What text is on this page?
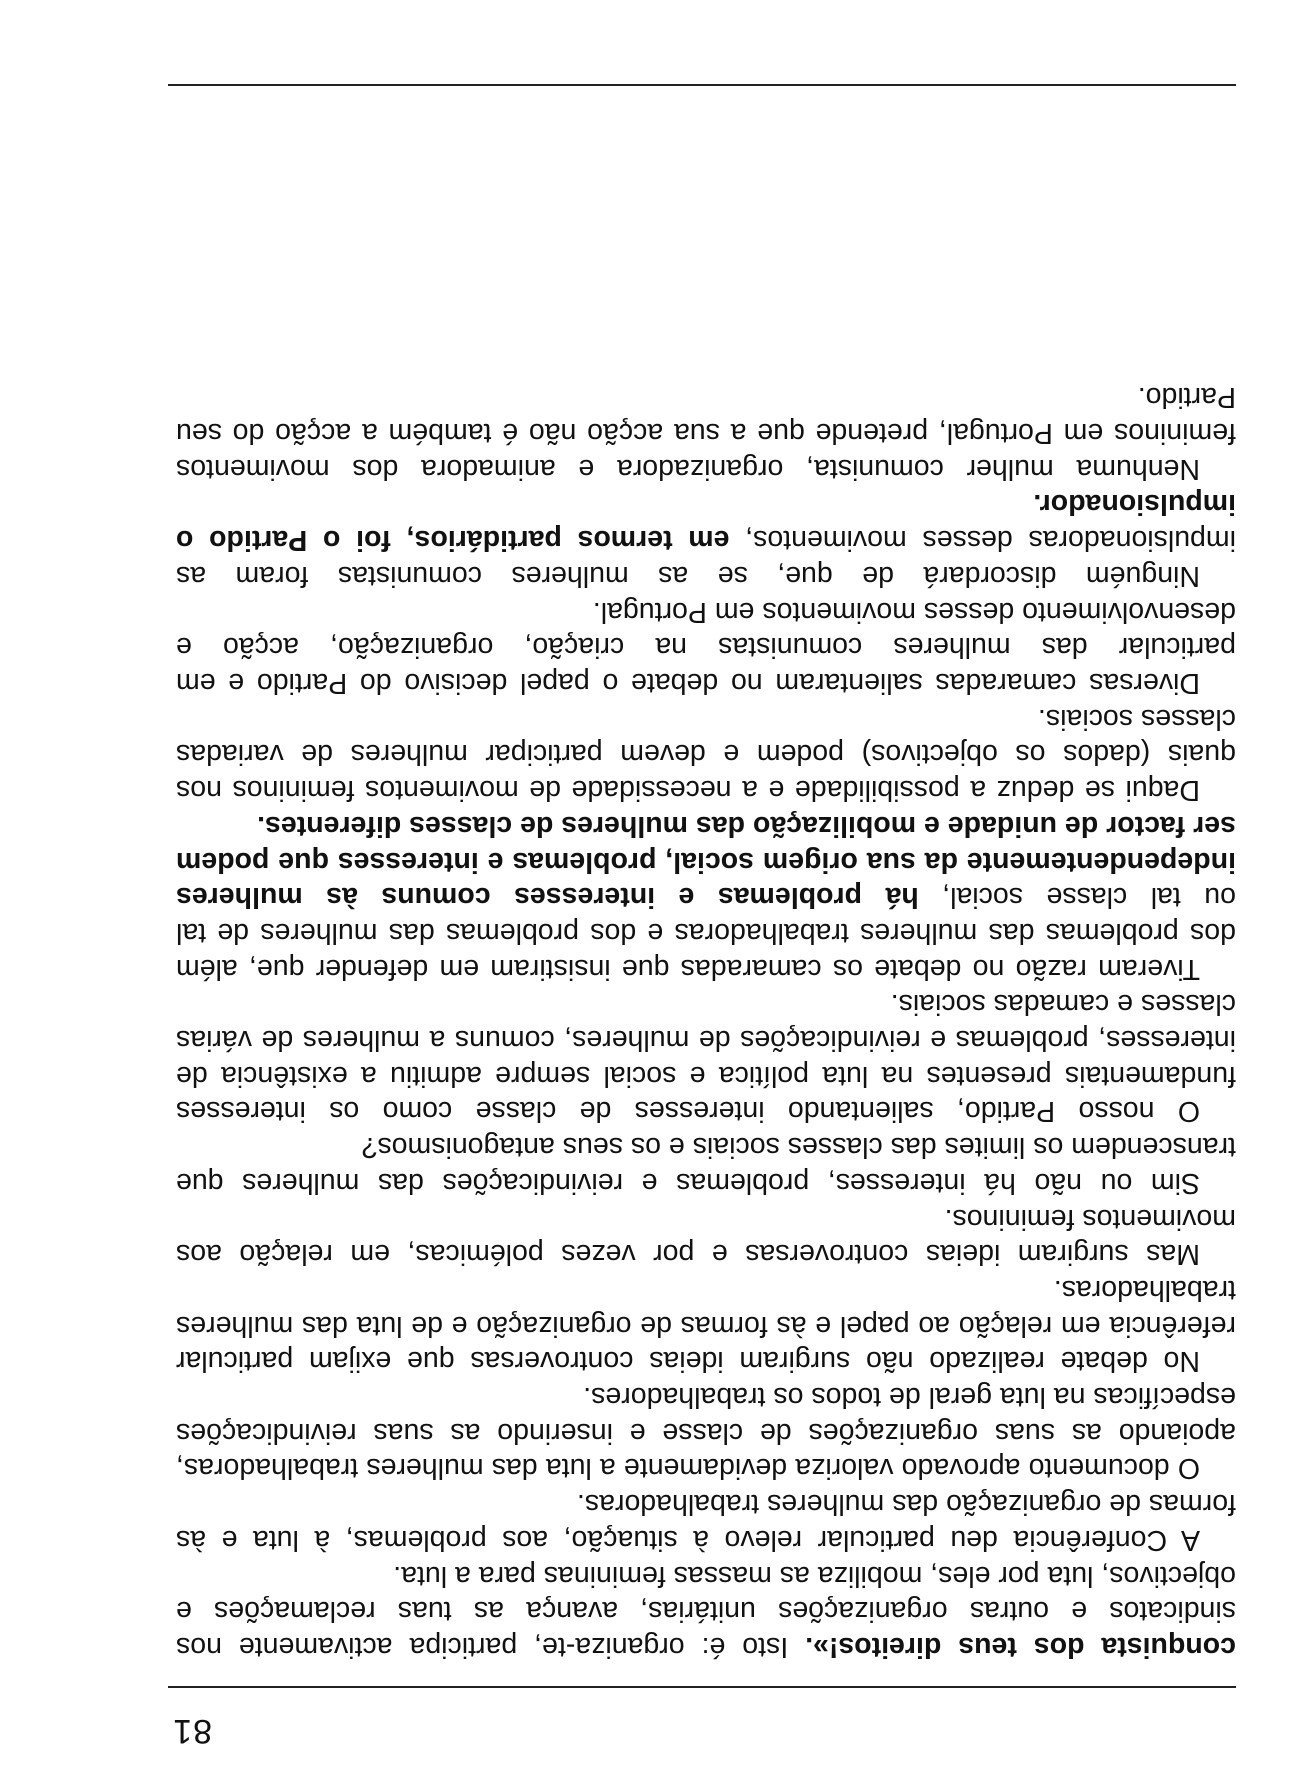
81

conquista dos teus direitos!». Isto é: organiza-te, participa activamente nos sindicatos e outras organizações unitárias, avança as tuas reclamações e objectivos, luta por eles, mobiliza as massas femininas para a luta.

A Conferência deu particular relevo à situação, aos problemas, à luta e às formas de organização das mulheres trabalhadoras.

O documento aprovado valoriza devidamente a luta das mulheres trabalhadoras, apoiando as suas organizações de classe e inserindo as suas reivindicações específicas na luta geral de todos os trabalhadores.

No debate realizado não surgiram ideias controversas que exijam particular referência em relação ao papel e às formas de organização e de luta das mulheres trabalhadoras.

Mas surgiram ideias controversas e por vezes polémicas, em relação aos movimentos femininos.

Sim ou não há interesses, problemas e reivindicações das mulheres que transcendem os limites das classes sociais e os seus antagonismos?

O nosso Partido, salientando interesses de classe como os interesses fundamentais presentes na luta política e social sempre admitiu a existência de interesses, problemas e reivindicações de mulheres, comuns a mulheres de várias classes e camadas sociais.

Tiveram razão no debate os camaradas que insistiram em defender que, além dos problemas das mulheres trabalhadoras e dos problemas das mulheres de tal ou tal classe social, há problemas e interesses comuns às mulheres independentemente da sua origem social, problemas e interesses que podem ser factor de unidade e mobilização das mulheres de classes diferentes.

Daqui se deduz a possibilidade e a necessidade de movimentos femininos nos quais (dados os objectivos) podem e devem participar mulheres de variadas classes sociais.

Diversas camaradas salientaram no debate o papel decisivo do Partido e em particular das mulheres comunistas na criação, organização, acção e desenvolvimento desses movimentos em Portugal.

Ninguém discordará de que, se as mulheres comunistas foram as impulsionadoras desses movimentos, em termos partidários, foi o Partido o impulsionador.

Nenhuma mulher comunista, organizadora e animadora dos movimentos femininos em Portugal, pretende que a sua acção não é também a acção do seu Partido.
